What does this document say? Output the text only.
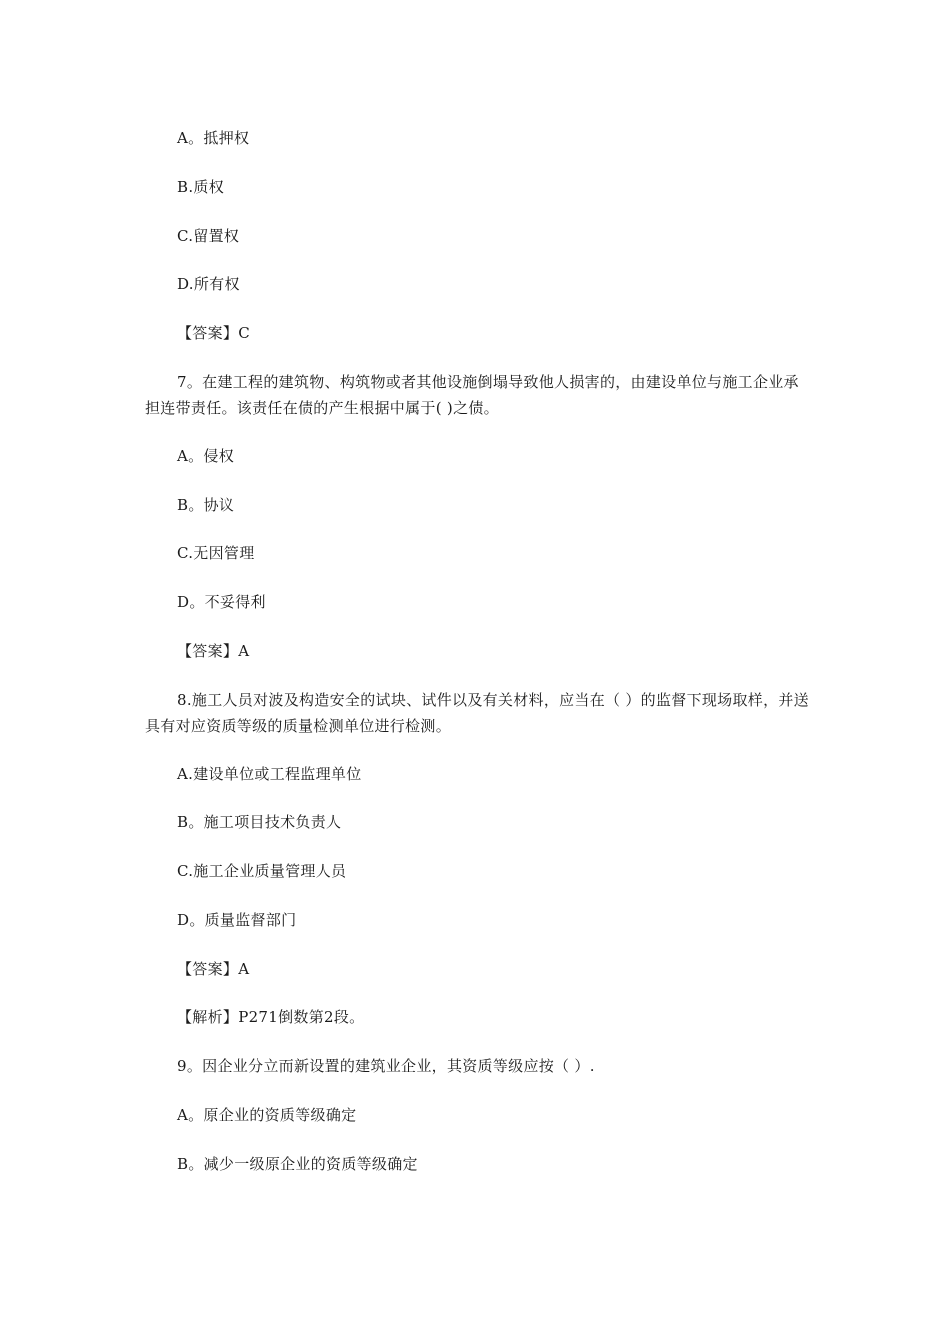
A。抵押权
B.质权
C.留置权
D.所有权
【答案】C
7。在建工程的建筑物、构筑物或者其他设施倒塌导致他人损害的，由建设单位与施工企业承担连带责任。该责任在债的产生根据中属于( )之债。
A。侵权
B。协议
C.无因管理
D。不妥得利
【答案】A
8.施工人员对波及构造安全的试块、试件以及有关材料，应当在（ ）的监督下现场取样，并送具有对应资质等级的质量检测单位进行检测。
A.建设单位或工程监理单位
B。施工项目技术负责人
C.施工企业质量管理人员
D。质量监督部门
【答案】A
【解析】P271倒数第2段。
9。因企业分立而新设置的建筑业企业，其资质等级应按（ ）.
A。原企业的资质等级确定
B。减少一级原企业的资质等级确定
